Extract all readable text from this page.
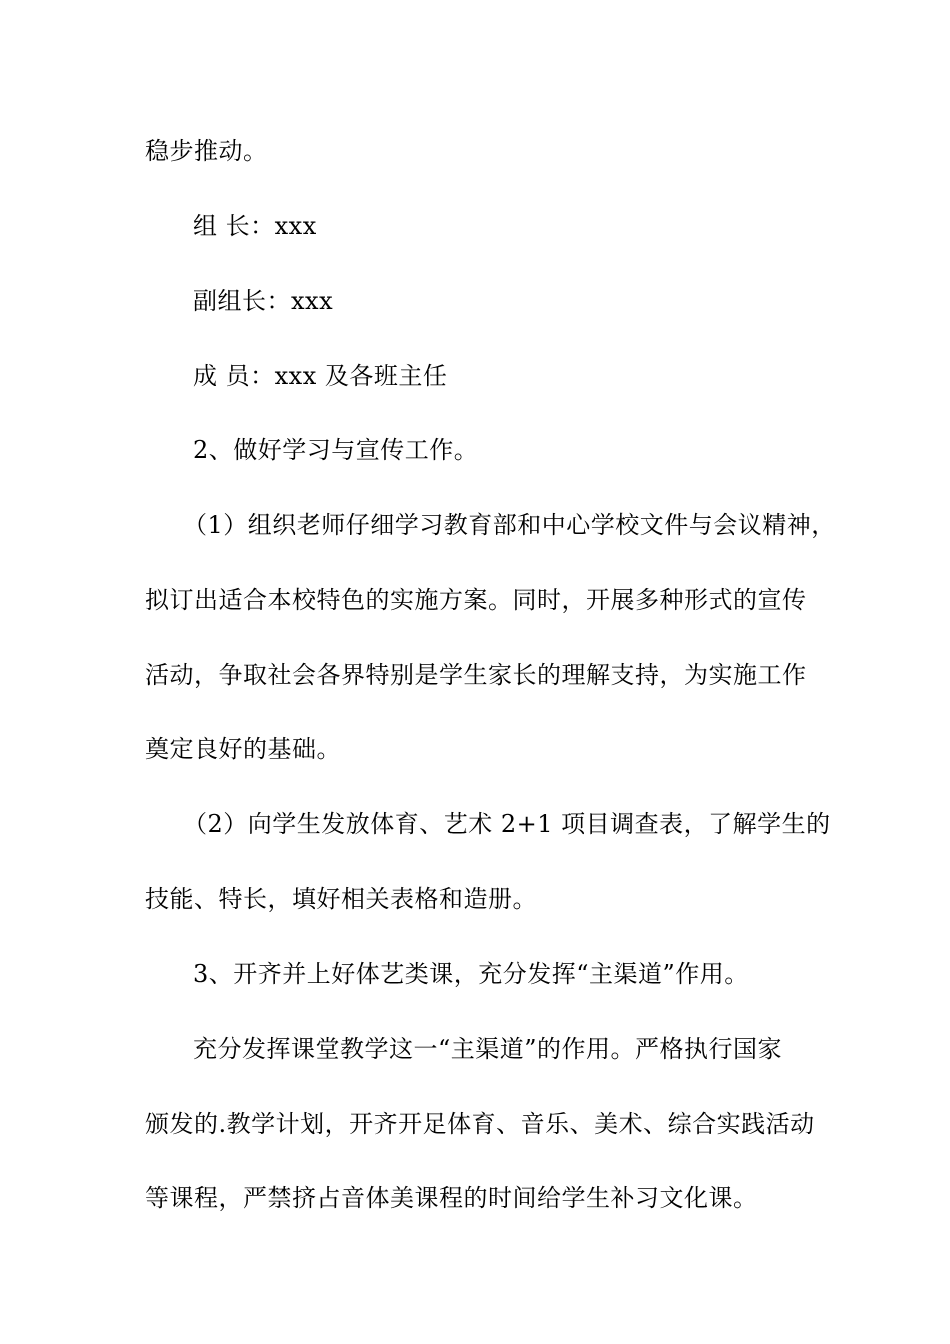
稳步推动。
组 长：xxx
副组长：xxx
成 员：xxx 及各班主任
2、做好学习与宣传工作。
（1）组织老师仔细学习教育部和中心学校文件与会议精神，
拟订出适合本校特色的实施方案。同时，开展多种形式的宣传
活动，争取社会各界特别是学生家长的理解支持，为实施工作
奠定良好的基础。
（2）向学生发放体育、艺术 2+1 项目调查表，了解学生的
技能、特长，填好相关表格和造册。
3、开齐并上好体艺类课，充分发挥“主渠道”作用。
充分发挥课堂教学这一“主渠道”的作用。严格执行国家
颁发的.教学计划，开齐开足体育、音乐、美术、综合实践活动
等课程，严禁挤占音体美课程的时间给学生补习文化课。
